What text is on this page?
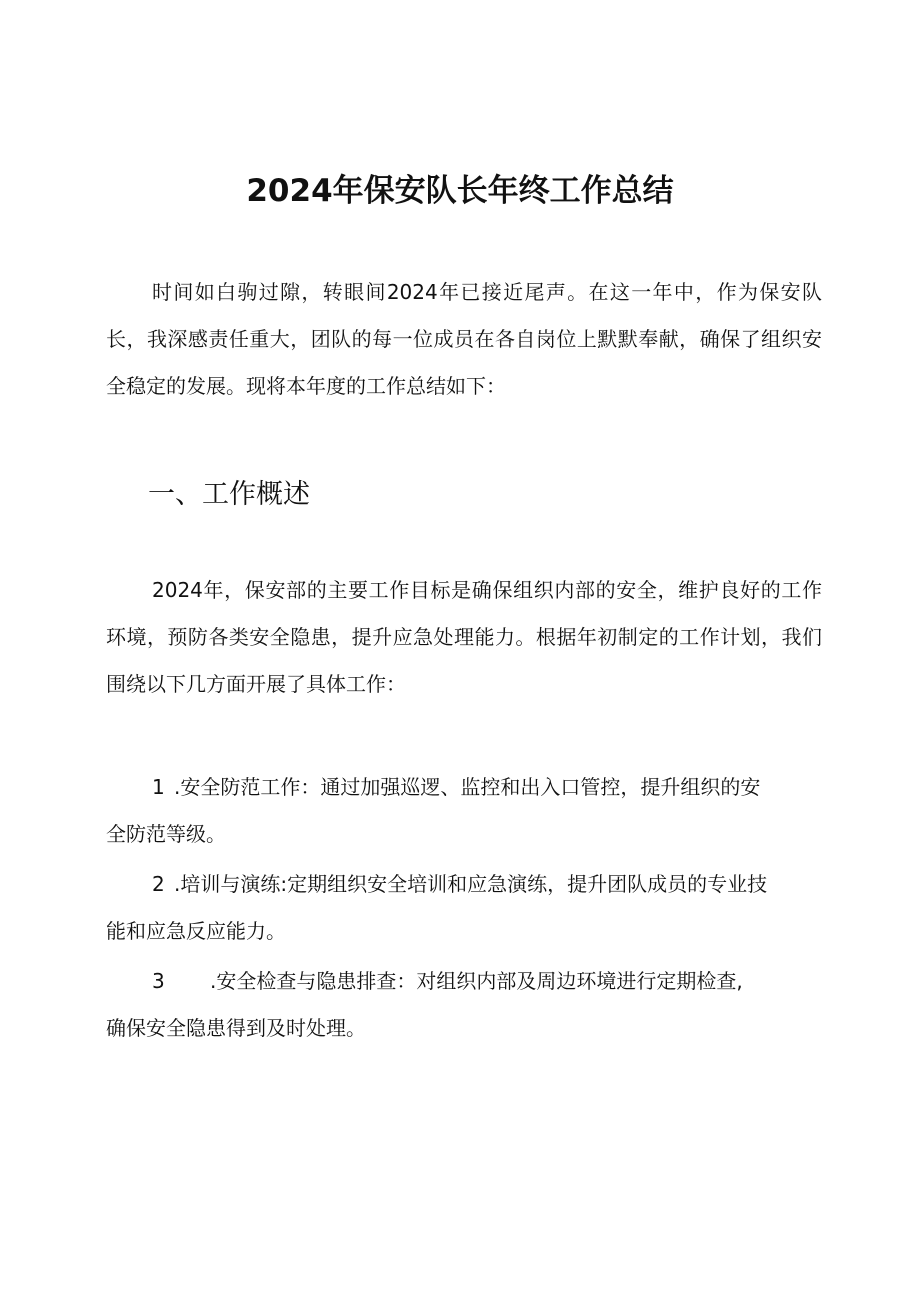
2024年保安队长年终工作总结

时间如白驹过隙，转眼间2024年已接近尾声。在这一年中，作为保安队长，我深感责任重大，团队的每一位成员在各自岗位上默默奉献，确保了组织安全稳定的发展。现将本年度的工作总结如下：

一、工作概述

2024年，保安部的主要工作目标是确保组织内部的安全，维护良好的工作环境，预防各类安全隐患，提升应急处理能力。根据年初制定的工作计划，我们围绕以下几方面开展了具体工作：

1 .安全防范工作：通过加强巡逻、监控和出入口管控，提升组织的安
全防范等级。
2 .培训与演练:定期组织安全培训和应急演练，提升团队成员的专业技
能和应急反应能力。
3 .安全检查与隐患排查：对组织内部及周边环境进行定期检查,
确保安全隐患得到及时处理。
